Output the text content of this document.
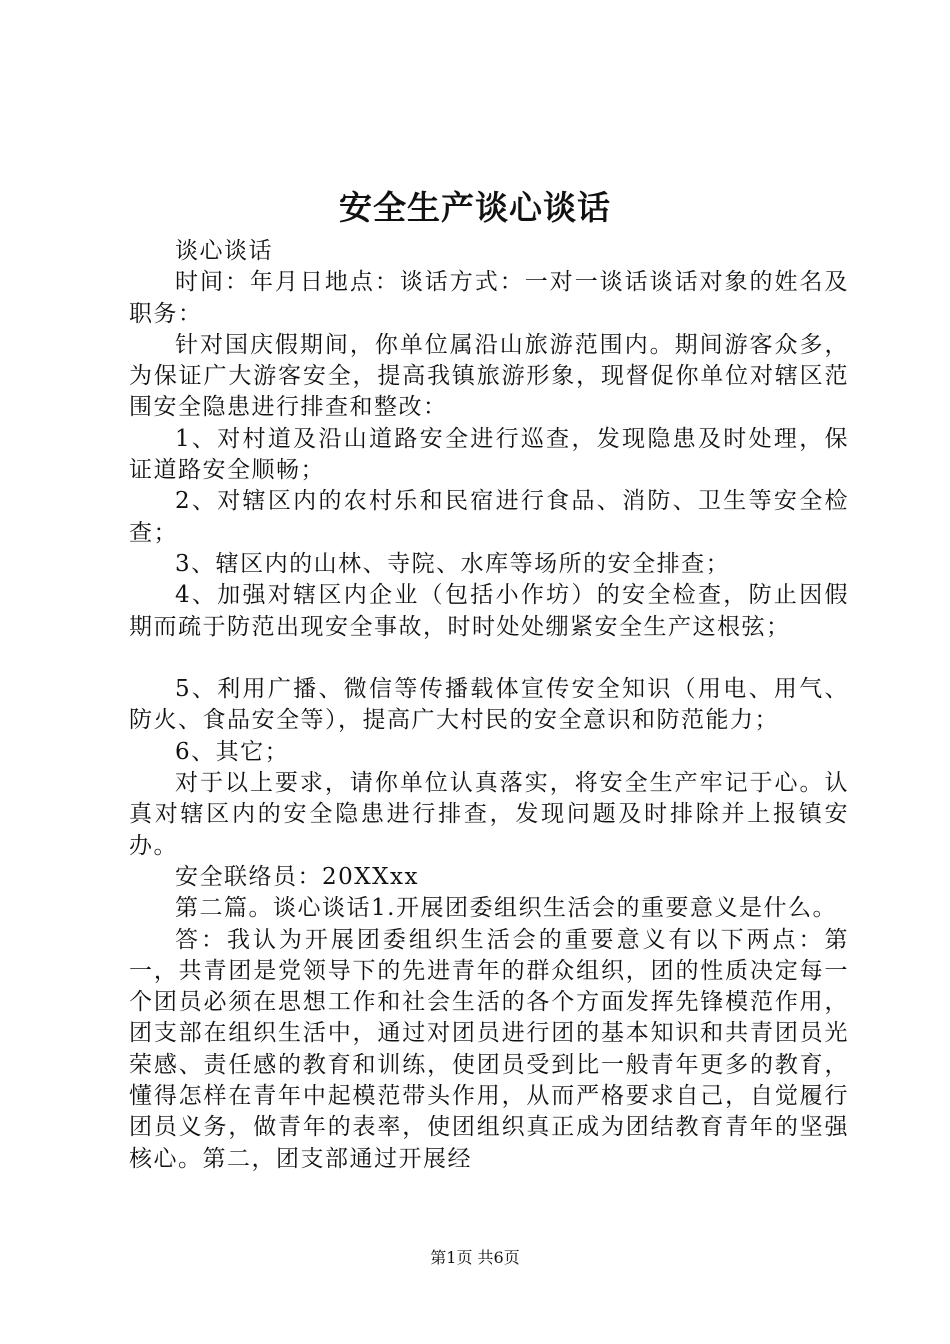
安全生产谈心谈话

谈心谈话

时间：年月日地点：谈话方式：一对一谈话谈话对象的姓名及职务：

针对国庆假期间，你单位属沿山旅游范围内。期间游客众多，为保证广大游客安全，提高我镇旅游形象，现督促你单位对辖区范围安全隐患进行排查和整改：

1、对村道及沿山道路安全进行巡查，发现隐患及时处理，保证道路安全顺畅；

2、对辖区内的农村乐和民宿进行食品、消防、卫生等安全检查；

3、辖区内的山林、寺院、水库等场所的安全排查；

4、加强对辖区内企业（包括小作坊）的安全检查，防止因假期而疏于防范出现安全事故，时时处处绷紧安全生产这根弦；

5、利用广播、微信等传播载体宣传安全知识（用电、用气、防火、食品安全等），提高广大村民的安全意识和防范能力；

6、其它；

对于以上要求，请你单位认真落实，将安全生产牢记于心。认真对辖区内的安全隐患进行排查，发现问题及时排除并上报镇安办。

安全联络员：20XXxx

第二篇。谈心谈话1.开展团委组织生活会的重要意义是什么。

答：我认为开展团委组织生活会的重要意义有以下两点：第一，共青团是党领导下的先进青年的群众组织，团的性质决定每一个团员必须在思想工作和社会生活的各个方面发挥先锋模范作用，团支部在组织生活中，通过对团员进行团的基本知识和共青团员光荣感、责任感的教育和训练，使团员受到比一般青年更多的教育，懂得怎样在青年中起模范带头作用，从而严格要求自己，自觉履行团员义务，做青年的表率，使团组织真正成为团结教育青年的坚强核心。第二，团支部通过开展经

第1页 共6页
